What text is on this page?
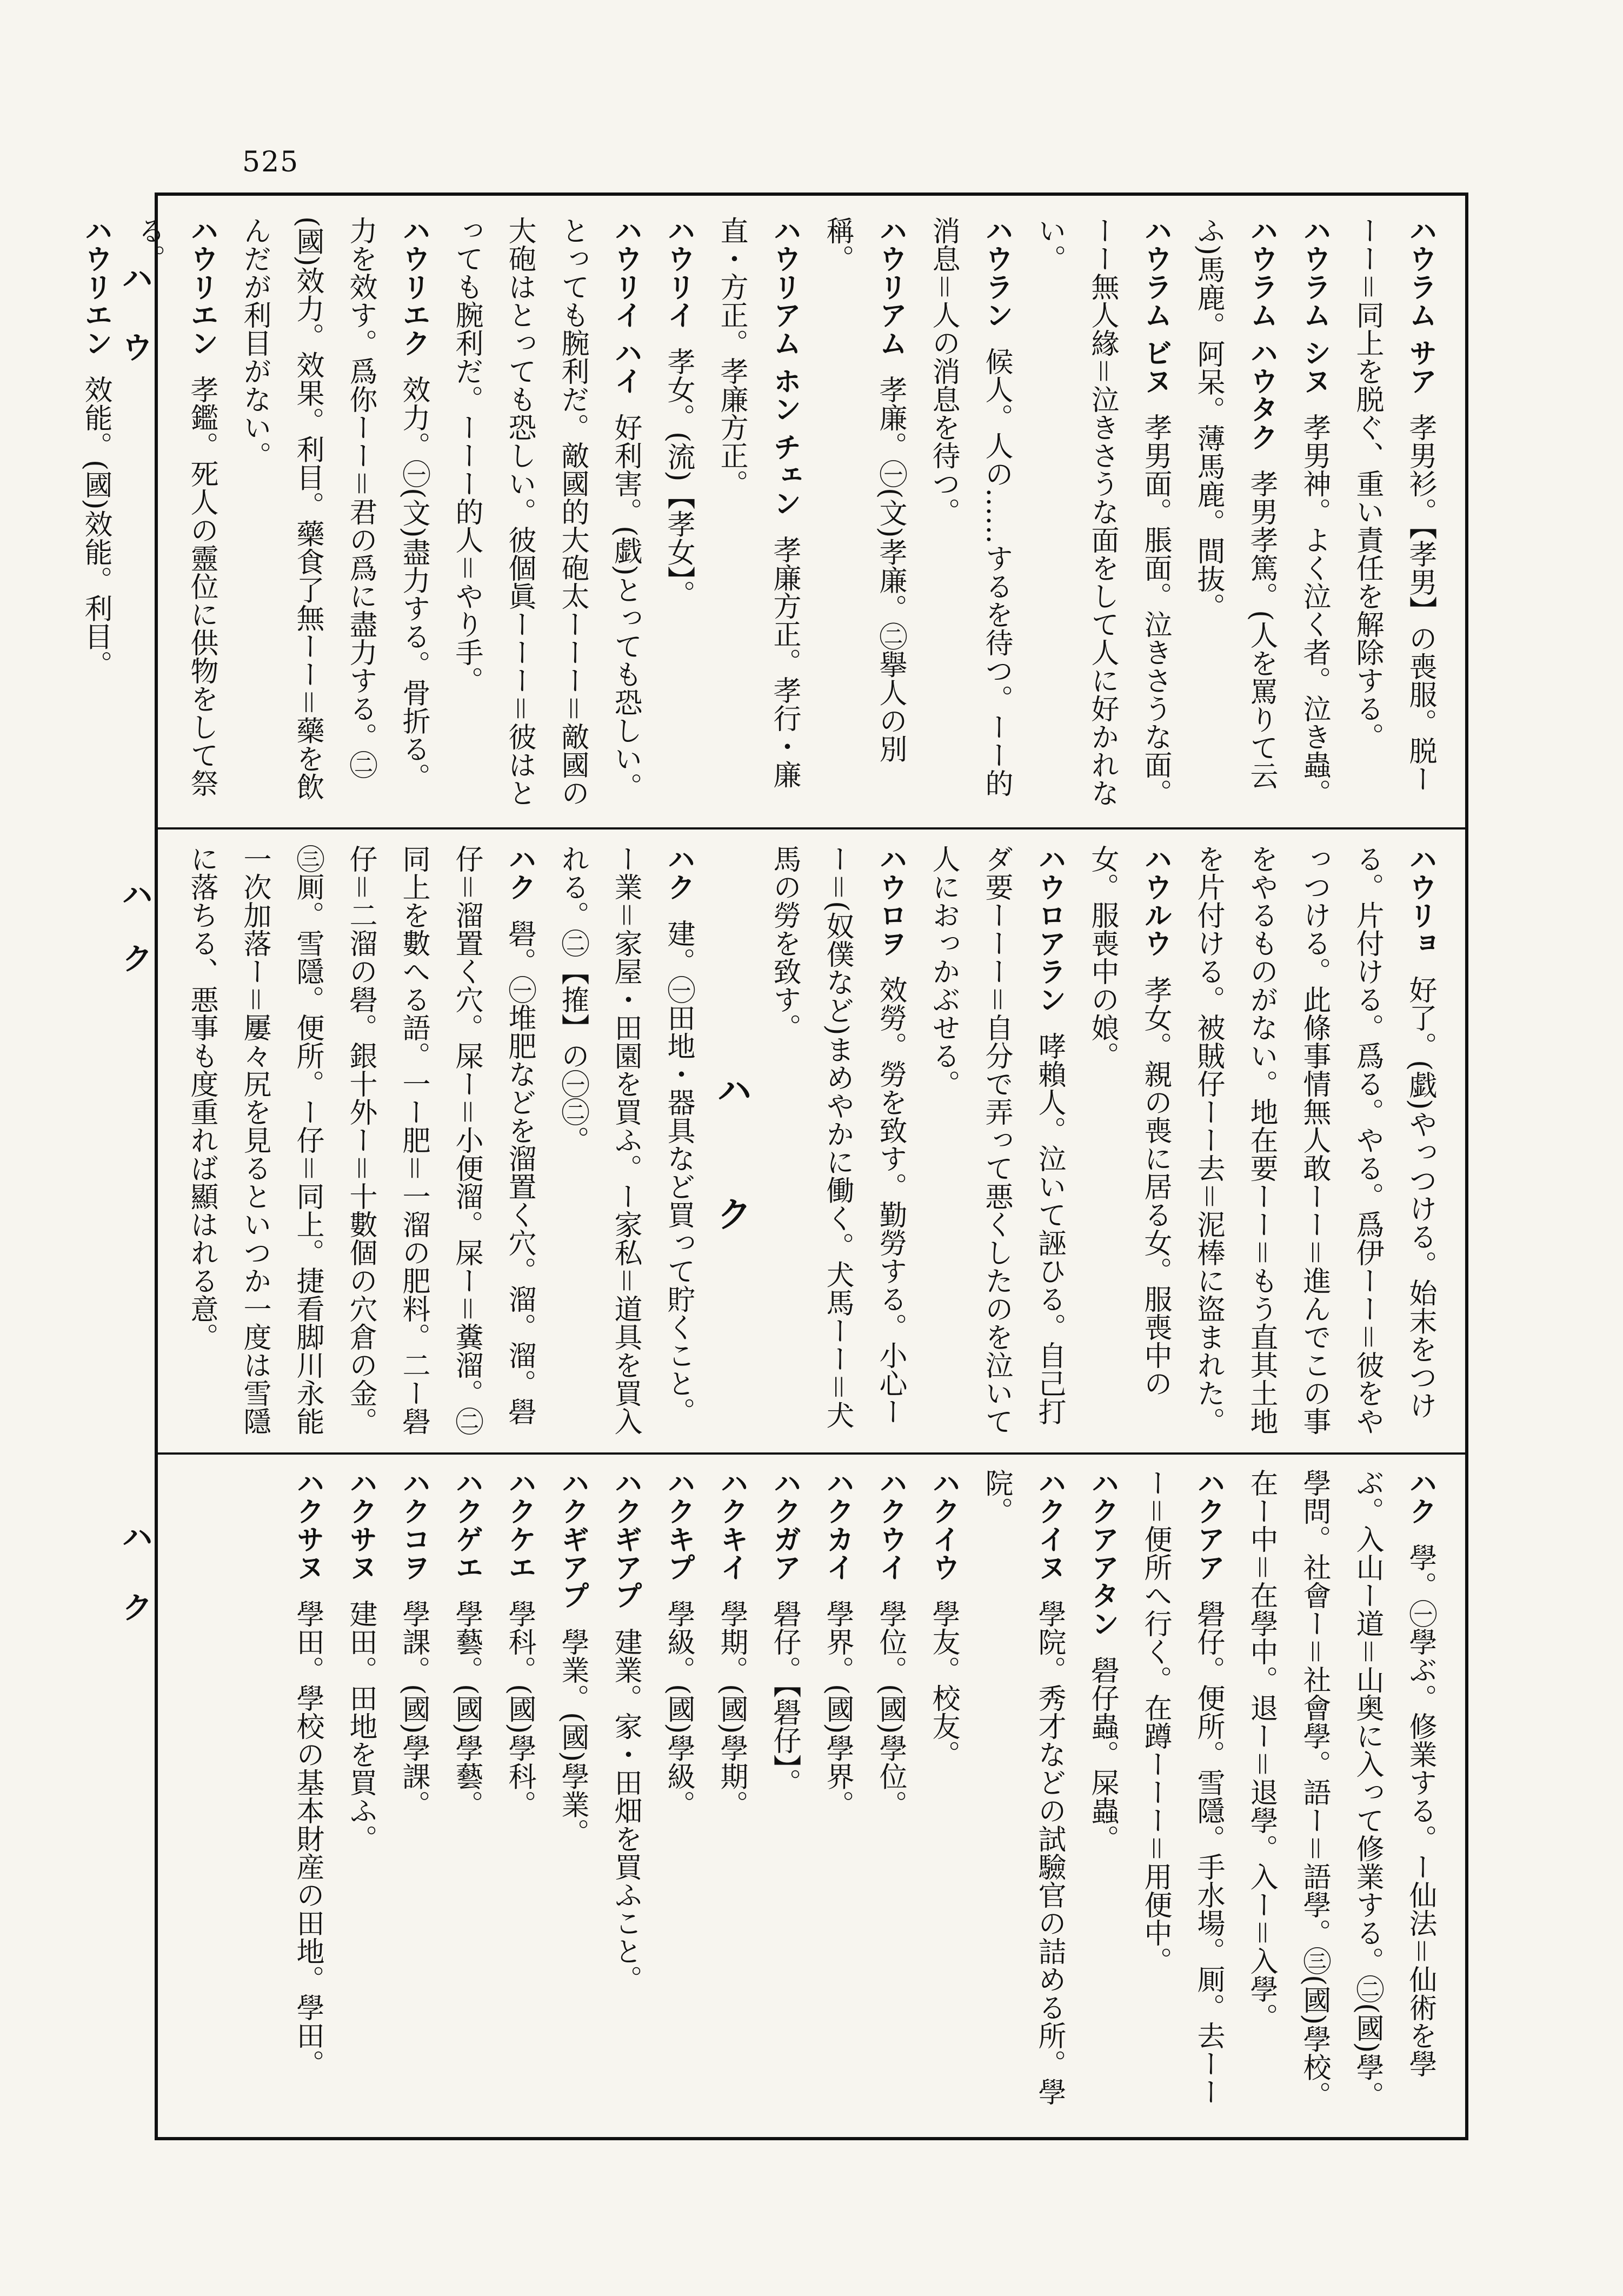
525
ハ
ウ
ハ
ク
ハ
ク

ハウラム サア孝男衫。【孝男】の喪服。脱ーーー＝同上を脱ぐ、重い責任を解除する。

ハウラム シヌ孝男神。よく泣く者。泣き蟲。

ハウラム ハウタク孝男孝篤。(人を罵りて云ふ)馬鹿。阿呆。薄馬鹿。間抜。

ハウラム ビヌ孝男面。脹面。泣きさうな面。ーー無人緣＝泣きさうな面をして人に好かれない。

ハウラン候人。人の……するを待つ。ーー的消息＝人の消息を待つ。

ハウリアム孝廉。㊀(文)孝廉。㊁擧人の別稱。

ハウリアム ホン チェン孝廉方正。孝行・廉直・方正。孝廉方正。

ハウリイ孝女。(流)【孝女】。

ハウリイ ハイ好利害。(戯)とっても恐しい。とっても腕利だ。敵國的大砲太ーーー＝敵國の大砲はとっても恐しい。彼個眞ーーー＝彼はとっても腕利だ。ーーー的人＝やり手。

ハウリエク效力。㊀(文)盡力する。骨折る。力を效す。爲你ーー＝君の爲に盡力する。㊁(國)效力。效果。利目。藥食了無ーー＝藥を飲んだが利目がない。

ハウリエン孝鑑。死人の靈位に供物をして祭る。

ハウリエン效能。(國)效能。利目。

ハウリョ好了。(戯)やっつける。始末をつける。片付ける。爲る。やる。爲伊ーー＝彼をやっつける。此條事情無人敢ーー＝進んでこの事をやるものがない。地在要ーー＝もう直其土地を片付ける。被賊仔ーー去＝泥棒に盜まれた。

ハウルウ孝女。親の喪に居る女。服喪中の女。服喪中の娘。

ハウロアラン哮賴人。泣いて誣ひる。自己打ダ要ーーー＝自分で弄って悪くしたのを泣いて人におっかぶせる。

ハウロヲ效勞。勞を致す。勤勞する。小心ーー＝(奴僕など)まめやかに働く。犬馬ーー＝犬馬の勞を致す。

ハ ク

ハク建。㊀田地・器具など買って貯くこと。ー業＝家屋・田園を買ふ。ー家私＝道具を買入れる。㊁【搉】の㊀㊁。

ハク礐。㊀堆肥などを溜置く穴。溜。溜。礐仔＝溜置く穴。屎ー＝小便溜。屎ー＝糞溜。㊁同上を數へる語。一ー肥＝一溜の肥料。二ー礐仔＝二溜の礐。銀十外ー＝十數個の穴倉の金。㊂厠。雪隱。便所。ー仔＝同上。捷看脚川永能一次加落ー＝屢々尻を見るといつか一度は雪隱に落ちる、悪事も度重れば顯はれる意。

ハク學。㊀學ぶ。修業する。ー仙法＝仙術を學ぶ。入山ー道＝山奥に入って修業する。㊁(國)學。學問。社會ー＝社會學。語ー＝語學。㊂(國)學校。在ー中＝在學中。退ー＝退學。入ー＝入學。

ハクアア礐仔。便所。雪隱。手水場。厠。去ーーー＝便所へ行く。在蹲ーーー＝用便中。

ハクアアタン礐仔蟲。屎蟲。

ハクイヌ學院。秀才などの試驗官の詰める所。學院。

ハクイウ學友。校友。

ハクウイ學位。(國)學位。

ハクカイ學界。(國)學界。

ハクガア礐仔。【礐仔】。

ハクキイ學期。(國)學期。

ハクキプ學級。(國)學級。

ハクギアプ建業。家・田畑を買ふこと。

ハクギアプ學業。(國)學業。

ハクケエ學科。(國)學科。

ハクゲエ學藝。(國)學藝。

ハクコヲ學課。(國)學課。

ハクサヌ建田。田地を買ふ。

ハクサヌ學田。學校の基本財産の田地。學田。
